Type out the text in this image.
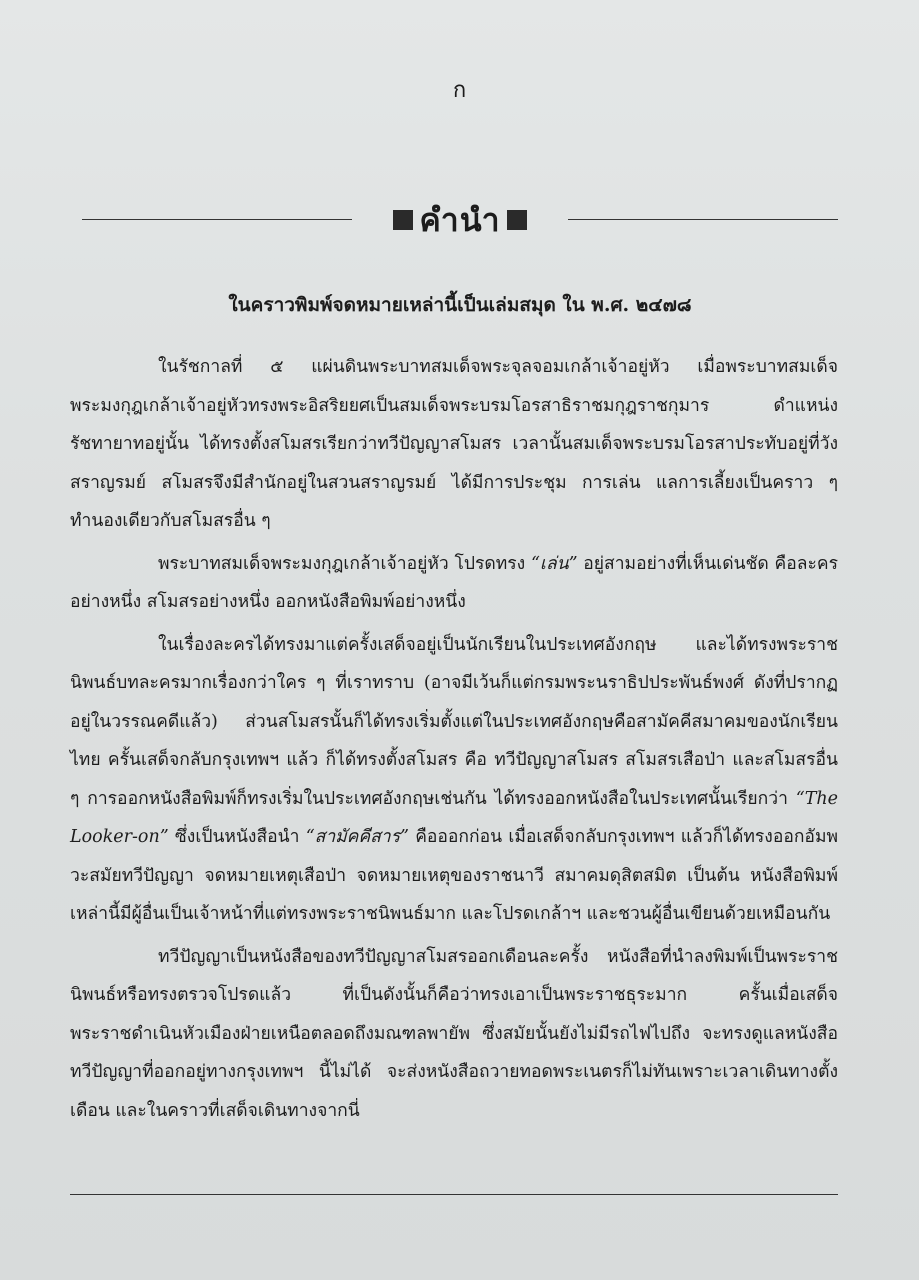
ก
คำนำ
ในคราวพิมพ์จดหมายเหล่านี้เป็นเล่มสมุด ใน พ.ศ. ๒๔๗๘

ในรัชกาลที่ ๕ แผ่นดินพระบาทสมเด็จพระจุลจอมเกล้าเจ้าอยู่หัว เมื่อพระบาทสมเด็จพระมงกุฎเกล้าเจ้าอยู่หัวทรงพระอิสริยยศเป็นสมเด็จพระบรมโอรสาธิราชมกุฎราชกุมาร ดำแหน่งรัชทายาทอยู่นั้น ได้ทรงตั้งสโมสรเรียกว่าทวีปัญญาสโมสร เวลานั้นสมเด็จพระบรมโอรสาประทับอยู่ที่วังสราญรมย์ สโมสรจึงมีสำนักอยู่ในสวนสราญรมย์ ได้มีการประชุม การเล่น แลการเลี้ยงเป็นคราว ๆ ทำนองเดียวกับสโมสรอื่น ๆ

พระบาทสมเด็จพระมงกุฎเกล้าเจ้าอยู่หัว โปรดทรง “เล่น” อยู่สามอย่างที่เห็นเด่นชัด คือละครอย่างหนึ่ง สโมสรอย่างหนึ่ง ออกหนังสือพิมพ์อย่างหนึ่ง

ในเรื่องละครได้ทรงมาแต่ครั้งเสด็จอยู่เป็นนักเรียนในประเทศอังกฤษ และได้ทรงพระราชนิพนธ์บทละครมากเรื่องกว่าใคร ๆ ที่เราทราบ (อาจมีเว้นก็แต่กรมพระนราธิปประพันธ์พงศ์ ดังที่ปรากฏอยู่ในวรรณคดีแล้ว) ส่วนสโมสรนั้นก็ได้ทรงเริ่มตั้งแต่ในประเทศอังกฤษคือสามัคคีสมาคมของนักเรียนไทย ครั้นเสด็จกลับกรุงเทพฯ แล้ว ก็ได้ทรงตั้งสโมสร คือ ทวีปัญญาสโมสร สโมสรเสือป่า และสโมสรอื่น ๆ การออกหนังสือพิมพ์ก็ทรงเริ่มในประเทศอังกฤษเช่นกัน ได้ทรงออกหนังสือในประเทศนั้นเรียกว่า “The Looker-on” ซึ่งเป็นหนังสือนำ “สามัคคีสาร” คือออกก่อน เมื่อเสด็จกลับกรุงเทพฯ แล้วก็ได้ทรงออกอัมพวะสมัยทวีปัญญา จดหมายเหตุเสือป่า จดหมายเหตุของราชนาวี สมาคมดุสิตสมิต เป็นต้น หนังสือพิมพ์เหล่านี้มีผู้อื่นเป็นเจ้าหน้าที่แต่ทรงพระราชนิพนธ์มาก และโปรดเกล้าฯ และชวนผู้อื่นเขียนด้วยเหมือนกัน

ทวีปัญญาเป็นหนังสือของทวีปัญญาสโมสรออกเดือนละครั้ง หนังสือที่นำลงพิมพ์เป็นพระราชนิพนธ์หรือทรงตรวจโปรดแล้ว ที่เป็นดังนั้นก็คือว่าทรงเอาเป็นพระราชธุระมาก ครั้นเมื่อเสด็จพระราชดำเนินหัวเมืองฝ่ายเหนือตลอดถึงมณฑลพายัพ ซึ่งสมัยนั้นยังไม่มีรถไฟไปถึง จะทรงดูแลหนังสือทวีปัญญาที่ออกอยู่ทางกรุงเทพฯ นี้ไม่ได้ จะส่งหนังสือถวายทอดพระเนตรก็ไม่ทันเพราะเวลาเดินทางตั้งเดือน และในคราวที่เสด็จเดินทางจากนี่
